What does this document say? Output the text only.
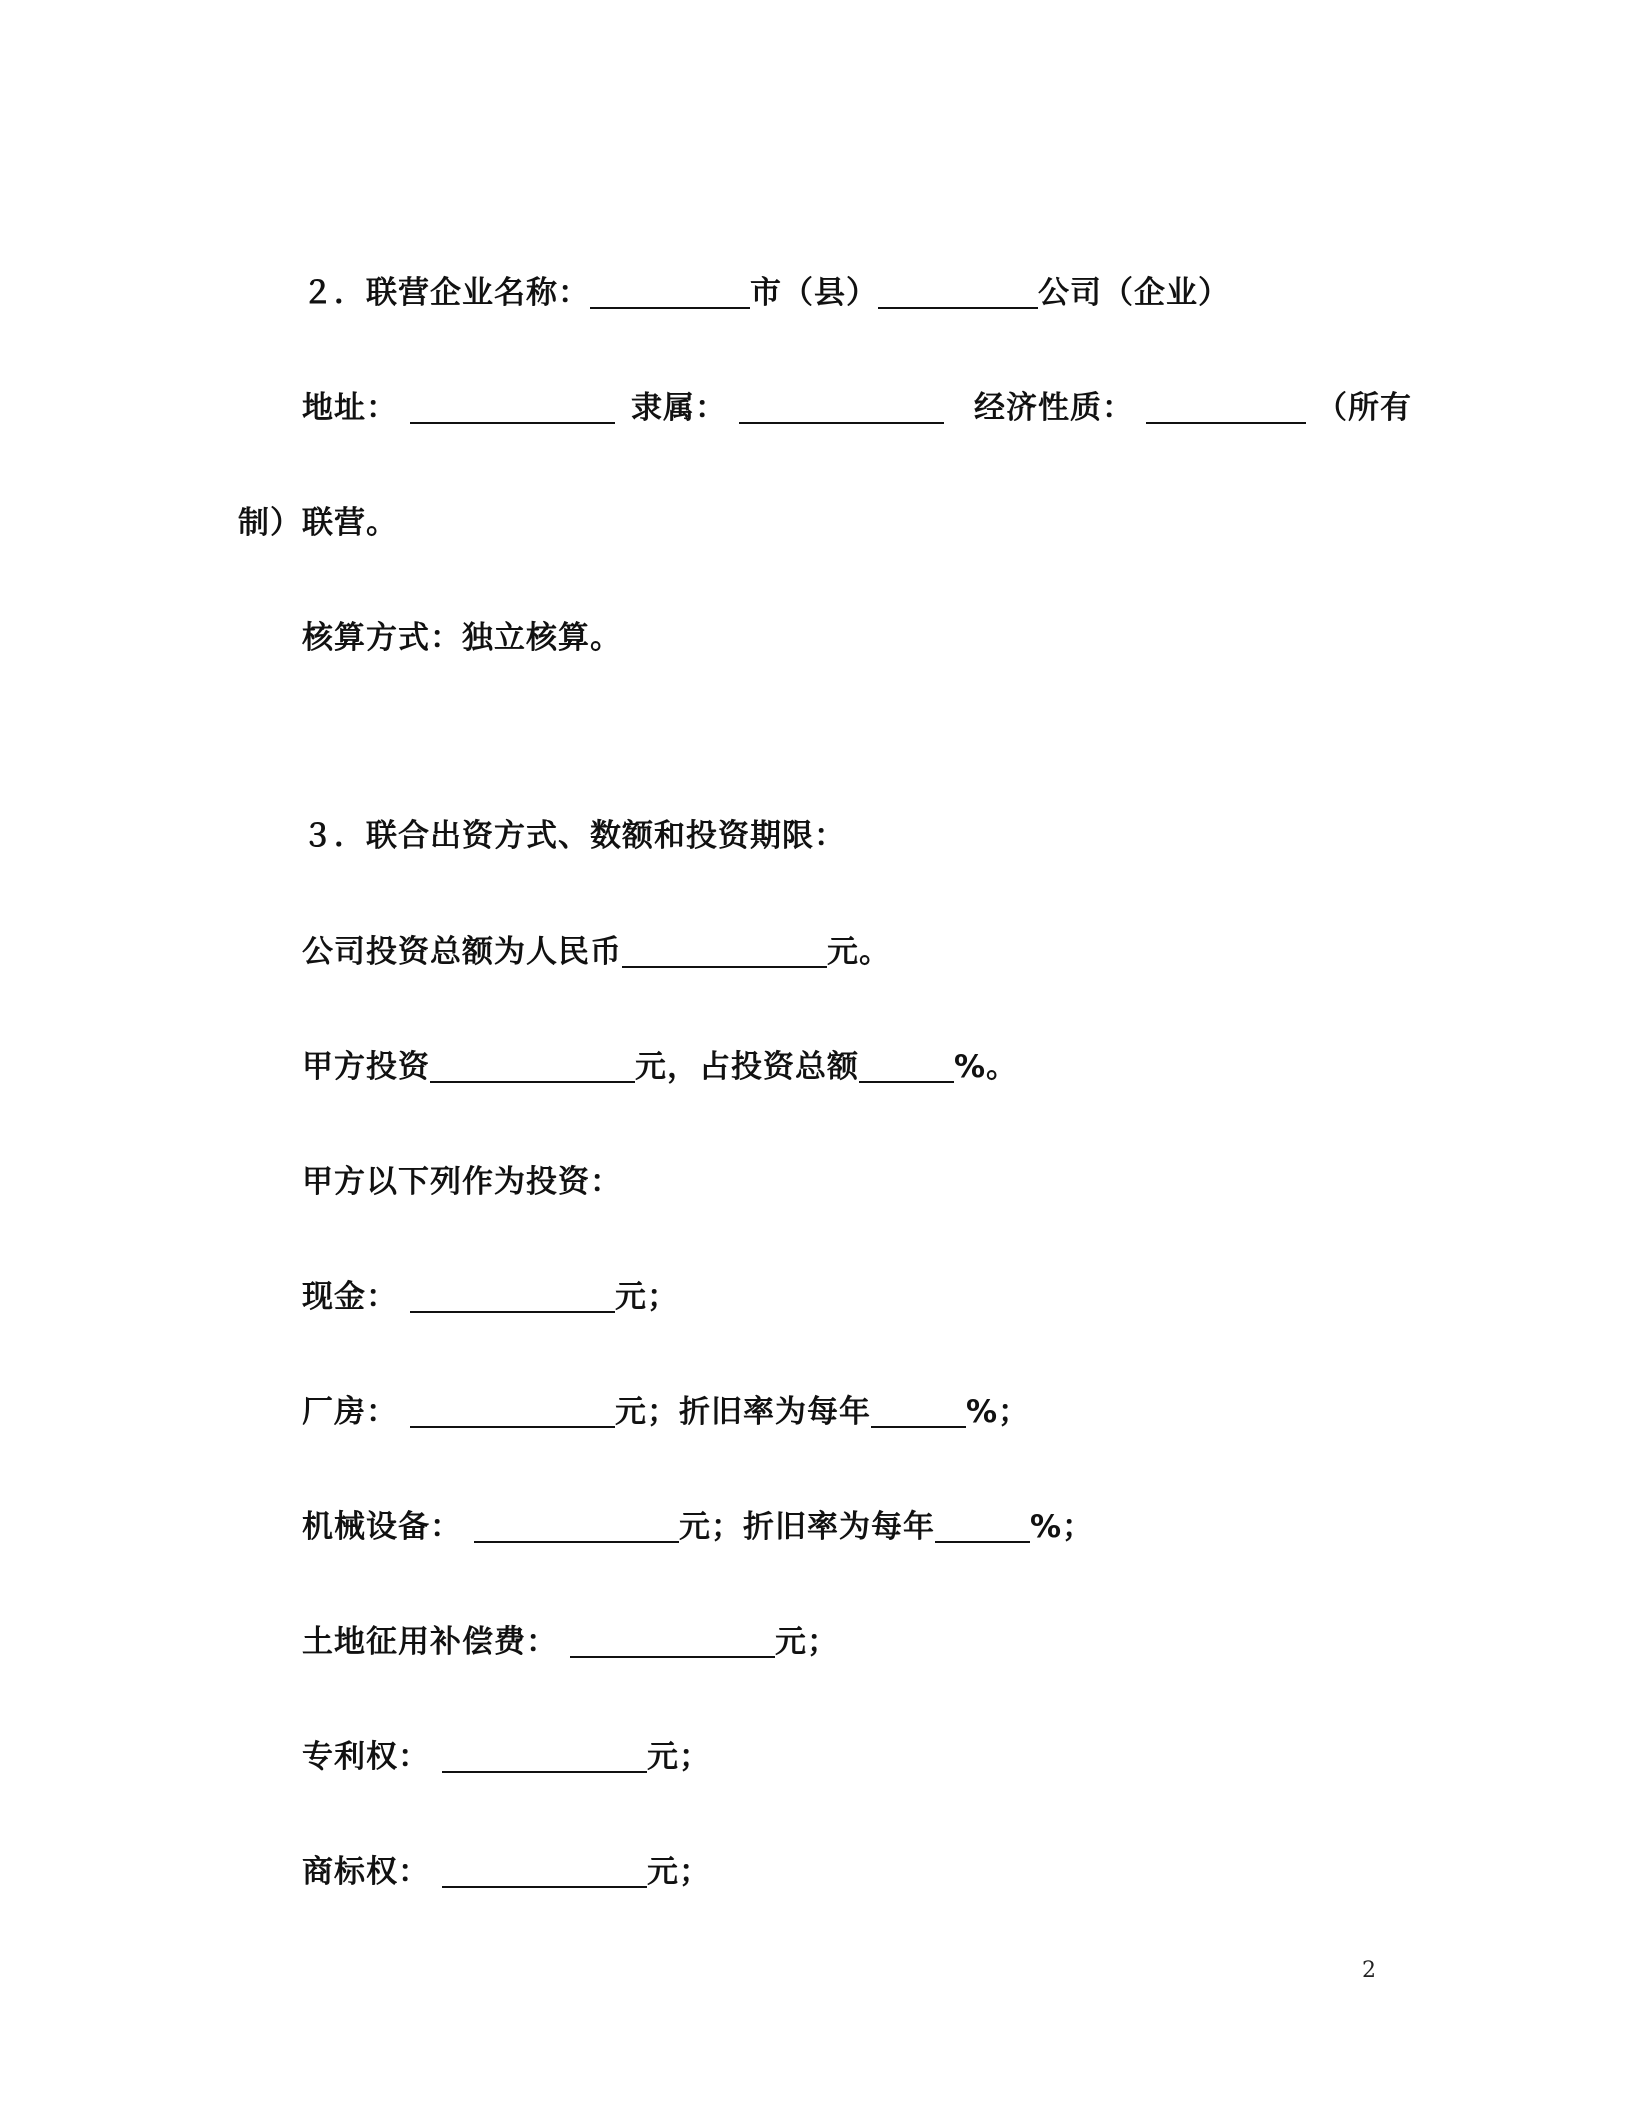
２．联营企业名称：	市（县）	公司（企业）
地址：	隶属：	经济性质：	（所有
制）联营。
核算方式：独立核算。
３．联合出资方式、数额和投资期限：
公司投资总额为人民币	元。
甲方投资	元，占投资总额	%。
甲方以下列作为投资：
现金：	元；
厂房：	元；折旧率为每年	%；
机械设备：	元；折旧率为每年	%；
土地征用补偿费：	元；
专利权：	元；
商标权：	元；
2
